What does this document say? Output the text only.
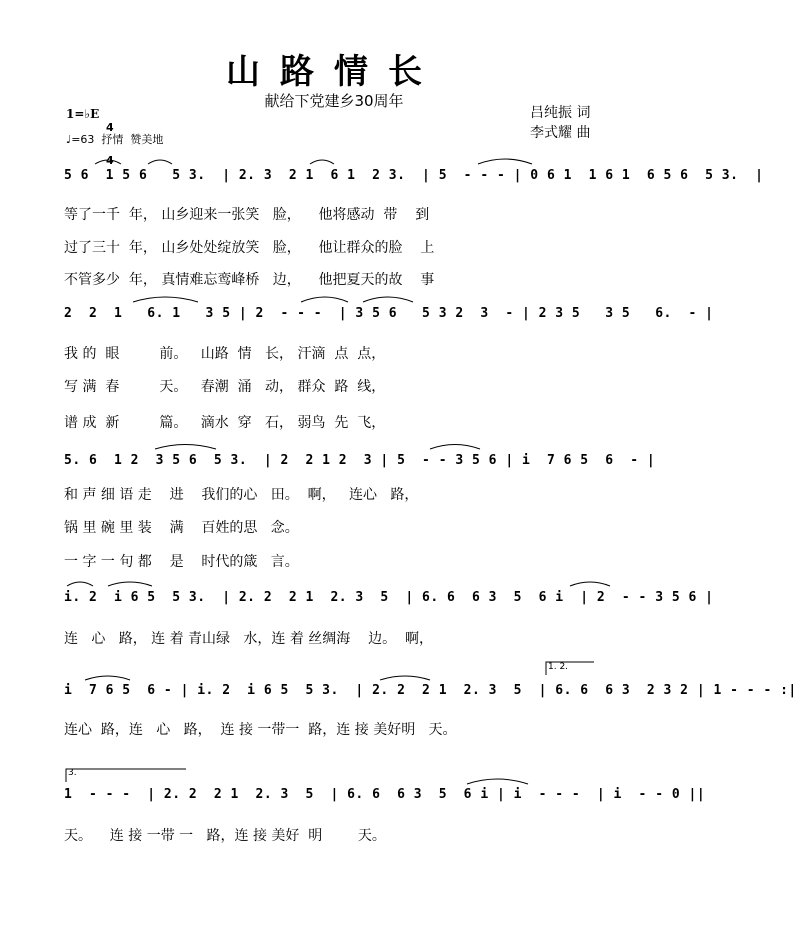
山路情长
献给下党建乡30周年
吕纯振 词
李式耀 曲
1=♭E

4

4

♩=63  抒情  赞美地
5 6  1 5 6   5 3.  | 2. 3  2 1  6 1  2 3.  | 5  - - - | 0 6 1  1 6 1  6 5 6  5 3.  |
等了一千  年， 山乡迎来一张笑   脸，    他将感动  带    到
过了三十  年， 山乡处处绽放笑   脸，    他让群众的脸    上
不管多少  年， 真情难忘鸾峰桥   边，    他把夏天的故    事
2  2  1   6. 1   3 5 | 2  - - -  | 3 5 6   5 3 2  3  - | 2 3 5   3 5   6.  - |
我 的  眼         前。   山路  情   长， 汗滴  点  点，
写 满  春         天。   春潮  涌   动， 群众  路  线，
谱 成  新         篇。   滴水  穿   石， 弱鸟  先  飞，
5. 6  1 2  3 5 6  5 3.  | 2  2 1 2  3 | 5  - - 3 5 6 | i  7 6 5  6  - |
和 声 细 语 走    进    我们的心   田。  啊，   连心   路，
锅 里 碗 里 装    满    百姓的思   念。
一 字 一 句 都    是    时代的箴   言。
i. 2  i 6 5  5 3.  | 2. 2  2 1  2. 3  5  | 6. 6  6 3  5  6 i  | 2  - - 3 5 6 |
连   心   路， 连 着 青山绿   水，连 着 丝绸海    边。  啊，
1. 2.
i  7 6 5  6 - | i. 2  i 6 5  5 3.  | 2. 2  2 1  2. 3  5  | 6. 6  6 3  2 3 2 | 1 - - - :|
连心  路，连   心   路，  连 接 一带一  路，连 接 美好明   天。
3.
1  - - -  | 2. 2  2 1  2. 3  5  | 6. 6  6 3  5  6 i | i  - - -  | i  - - 0 ||
天。    连 接 一带 一   路，连 接 美好  明        天。
